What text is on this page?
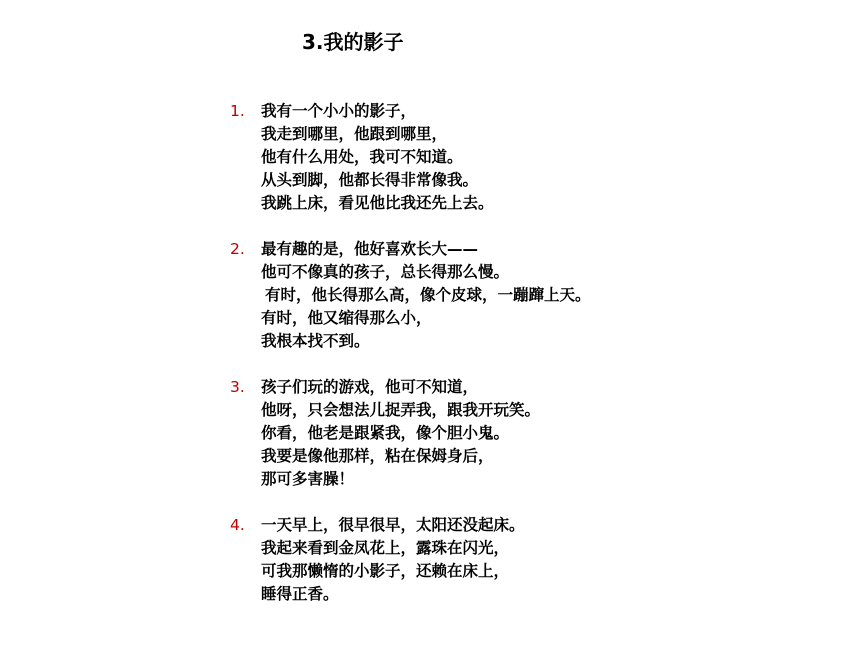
3.我的影子
1. 我有一个小小的影子，
我走到哪里，他跟到哪里，
他有什么用处，我可不知道。
从头到脚，他都长得非常像我。
我跳上床，看见他比我还先上去。
2. 最有趣的是，他好喜欢长大——
他可不像真的孩子，总长得那么慢。
有时，他长得那么高，像个皮球，一蹦蹿上天。
有时，他又缩得那么小，
我根本找不到。
3. 孩子们玩的游戏，他可不知道，
他呀，只会想法儿捉弄我，跟我开玩笑。
你看，他老是跟紧我，像个胆小鬼。
我要是像他那样，粘在保姆身后，
那可多害臊！
4. 一天早上，很早很早，太阳还没起床。
我起来看到金凤花上，露珠在闪光，
可我那懒惰的小影子，还赖在床上，
睡得正香。
